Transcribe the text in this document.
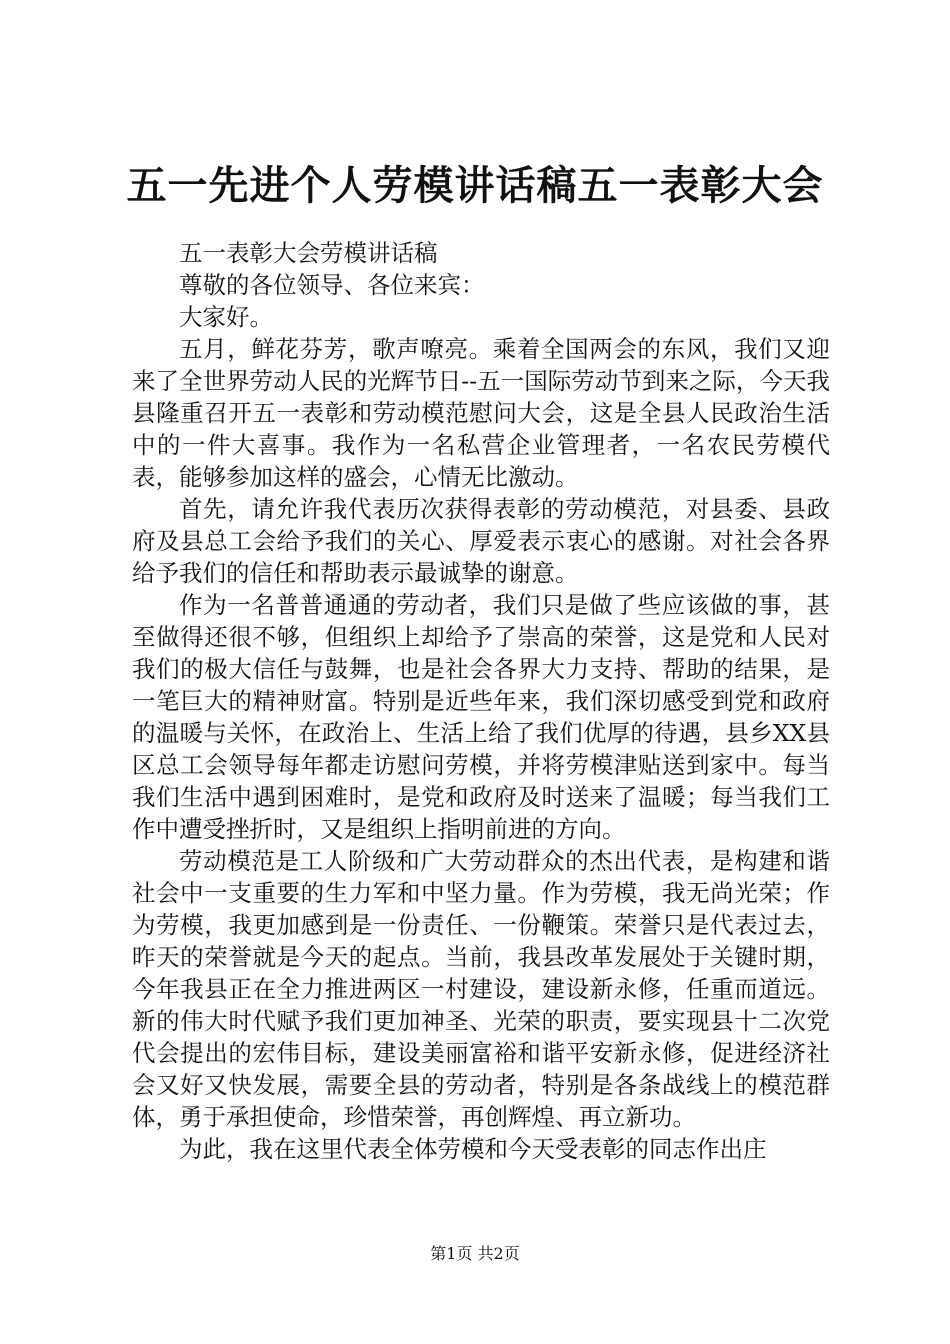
五一先进个人劳模讲话稿五一表彰大会

五一表彰大会劳模讲话稿

尊敬的各位领导、各位来宾：

大家好。

五月，鲜花芬芳，歌声嘹亮。乘着全国两会的东风，我们又迎来了全世界劳动人民的光辉节日--五一国际劳动节到来之际，今天我县隆重召开五一表彰和劳动模范慰问大会，这是全县人民政治生活中的一件大喜事。我作为一名私营企业管理者，一名农民劳模代表，能够参加这样的盛会，心情无比激动。

首先，请允许我代表历次获得表彰的劳动模范，对县委、县政府及县总工会给予我们的关心、厚爱表示衷心的感谢。对社会各界给予我们的信任和帮助表示最诚挚的谢意。

作为一名普普通通的劳动者，我们只是做了些应该做的事，甚至做得还很不够，但组织上却给予了崇高的荣誉，这是党和人民对我们的极大信任与鼓舞，也是社会各界大力支持、帮助的结果，是一笔巨大的精神财富。特别是近些年来，我们深切感受到党和政府的温暖与关怀，在政治上、生活上给了我们优厚的待遇，县乡XX县区总工会领导每年都走访慰问劳模，并将劳模津贴送到家中。每当我们生活中遇到困难时，是党和政府及时送来了温暖；每当我们工作中遭受挫折时，又是组织上指明前进的方向。

劳动模范是工人阶级和广大劳动群众的杰出代表，是构建和谐社会中一支重要的生力军和中坚力量。作为劳模，我无尚光荣；作为劳模，我更加感到是一份责任、一份鞭策。荣誉只是代表过去，昨天的荣誉就是今天的起点。当前，我县改革发展处于关键时期，今年我县正在全力推进两区一村建设，建设新永修，任重而道远。新的伟大时代赋予我们更加神圣、光荣的职责，要实现县十二次党代会提出的宏伟目标，建设美丽富裕和谐平安新永修，促进经济社会又好又快发展，需要全县的劳动者，特别是各条战线上的模范群体，勇于承担使命，珍惜荣誉，再创辉煌、再立新功。

为此，我在这里代表全体劳模和今天受表彰的同志作出庄

第1页 共2页
